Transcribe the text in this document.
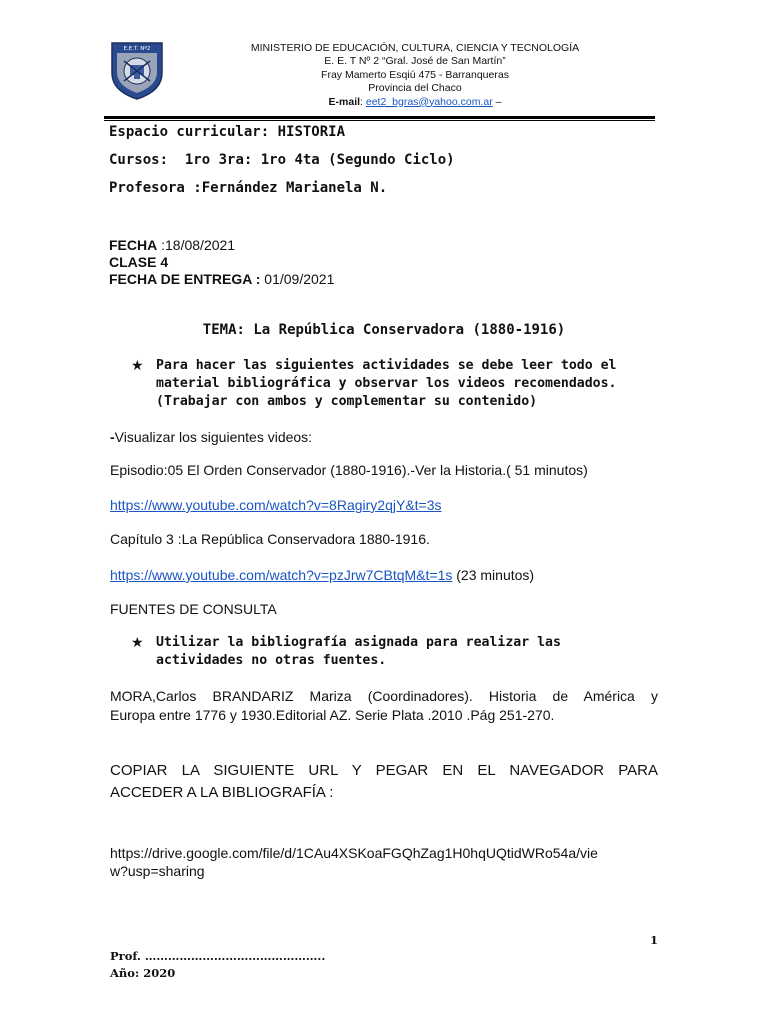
E.E.T. Nº2	MINISTERIO DE EDUCACIÓN, CULTURA, CIENCIA Y TECNOLOGÍA
E. E. T Nº 2 “Gral. José de San Martín”
Fray Mamerto Esqiú 475 - Barranqueras
Provincia del Chaco
E-mail: eet2_bgras@yahoo.com.ar –
Espacio curricular: HISTORIA
Cursos: 1ro 3ra: 1ro 4ta (Segundo Ciclo)
Profesora :Fernández Marianela N.
FECHA :18/08/2021
CLASE 4
FECHA DE ENTREGA : 01/09/2021
TEMA: La República Conservadora (1880-1916)
★ Para hacer las siguientes actividades se debe leer todo el material bibliográfica y observar los videos recomendados.(Trabajar con ambos y complementar su contenido)
-Visualizar los siguientes videos:
Episodio:05 El Orden Conservador (1880-1916).-Ver la Historia.( 51 minutos)
https://www.youtube.com/watch?v=8Ragiry2qjY&t=3s
Capítulo 3 :La República Conservadora 1880-1916.
https://www.youtube.com/watch?v=pzJrw7CBtqM&t=1s (23 minutos)
FUENTES DE CONSULTA
★ Utilizar la bibliografía asignada para realizar las actividades no otras fuentes.
MORA,Carlos BRANDARIZ Mariza (Coordinadores). Historia de América y
Europa entre 1776 y 1930.Editorial AZ. Serie Plata .2010 .Pág 251-270.
COPIAR LA SIGUIENTE URL Y PEGAR EN EL NAVEGADOR PARA
ACCEDER A LA BIBLIOGRAFÍA :
https://drive.google.com/file/d/1CAu4XSKoaFGQhZag1H0hqUQtidWRo54a/vie
w?usp=sharing
1
Prof. ………………………………………..
Año: 2020
